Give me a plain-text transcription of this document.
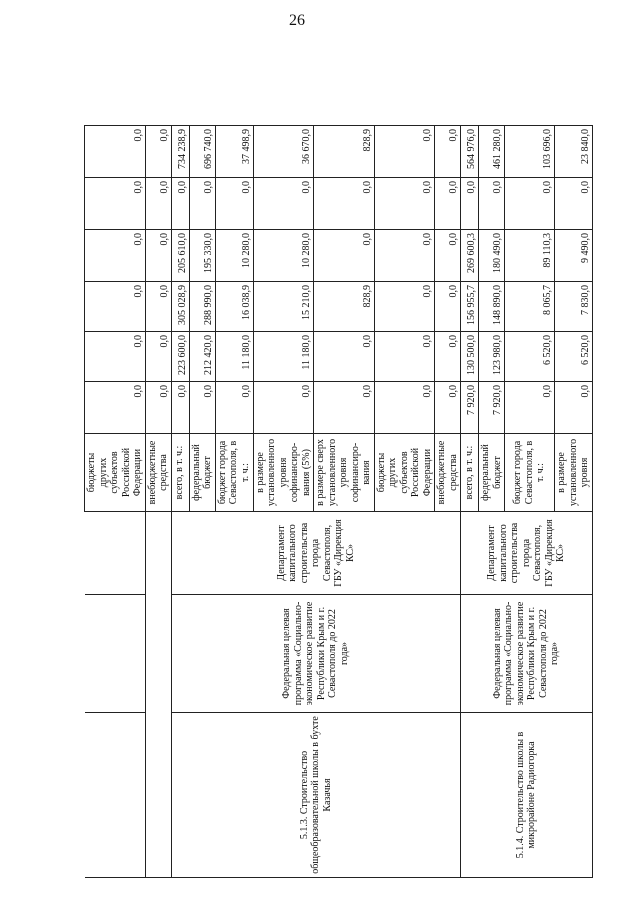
26
			бюджеты других субъектов Российской Федерации	0,0	0,0	0,0	0,0	0,0	0,0
			внебюджетные средства	0,0	0,0	0,0	0,0	0,0	0,0
5.1.3. Строительство общеобразовательной школы в бухте Казачья	Федеральная целевая программа «Социально-экономическое развитие Республики Крым и г. Севастополя до 2022 года»	Департамент капитального строительства города Севастополя, ГБУ «Дирекция КС»	всего, в т. ч.:	0,0	223 600,0	305 028,9	205 610,0	0,0	734 238,9
			федеральный бюджет	0,0	212 420,0	288 990,0	195 330,0	0,0	696 740,0
			бюджет города Севастополя, в т. ч.:	0,0	11 180,0	16 038,9	10 280,0	0,0	37 498,9
			в размере установленного уровня софинансиро-вания (5%)	0,0	11 180,0	15 210,0	10 280,0	0,0	36 670,0
			в размере сверх установленного уровня софинансиро-вания	0,0	0,0	828,9	0,0	0,0	828,9
			бюджеты других субъектов Российской Федерации	0,0	0,0	0,0	0,0	0,0	0,0
			внебюджетные средства	0,0	0,0	0,0	0,0	0,0	0,0
5.1.4. Строительство школы в микрорайоне Радиогорка	Федеральная целевая программа «Социально-экономическое развитие Республики Крым и г. Севастополя до 2022 года»	Департамент капитального строительства города Севастополя, ГБУ «Дирекция КС»	всего, в т. ч.:	7 920,0	130 500,0	156 955,7	269 600,3	0,0	564 976,0
			федеральный бюджет	7 920,0	123 980,0	148 890,0	180 490,0	0,0	461 280,0
			бюджет города Севастополя, в т. ч.:	0,0	6 520,0	8 065,7	89 110,3	0,0	103 696,0
			в размере установленного уровня	0,0	6 520,0	7 830,0	9 490,0	0,0	23 840,0
